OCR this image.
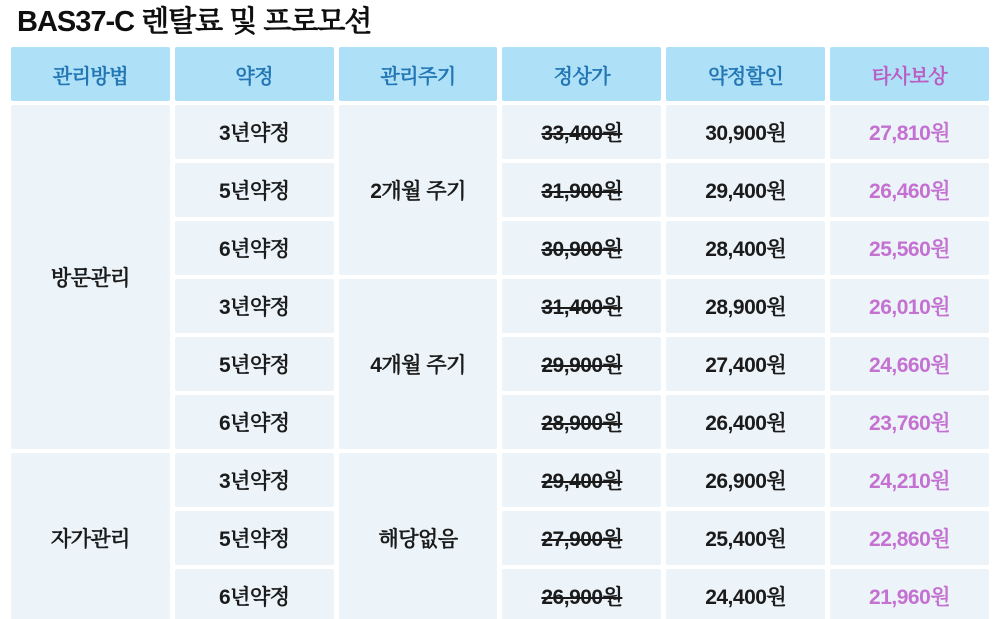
BAS37-C 렌탈료 및 프로모션
관리방법	약정	관리주기	정상가	약정할인	타사보상
방문관리	3년약정	2개월 주기	33,400원	30,900원	27,810원
	5년약정		31,900원	29,400원	26,460원
	6년약정		30,900원	28,400원	25,560원
	3년약정	4개월 주기	31,400원	28,900원	26,010원
	5년약정		29,900원	27,400원	24,660원
	6년약정		28,900원	26,400원	23,760원
자가관리	3년약정	해당없음	29,400원	26,900원	24,210원
	5년약정		27,900원	25,400원	22,860원
	6년약정		26,900원	24,400원	21,960원
